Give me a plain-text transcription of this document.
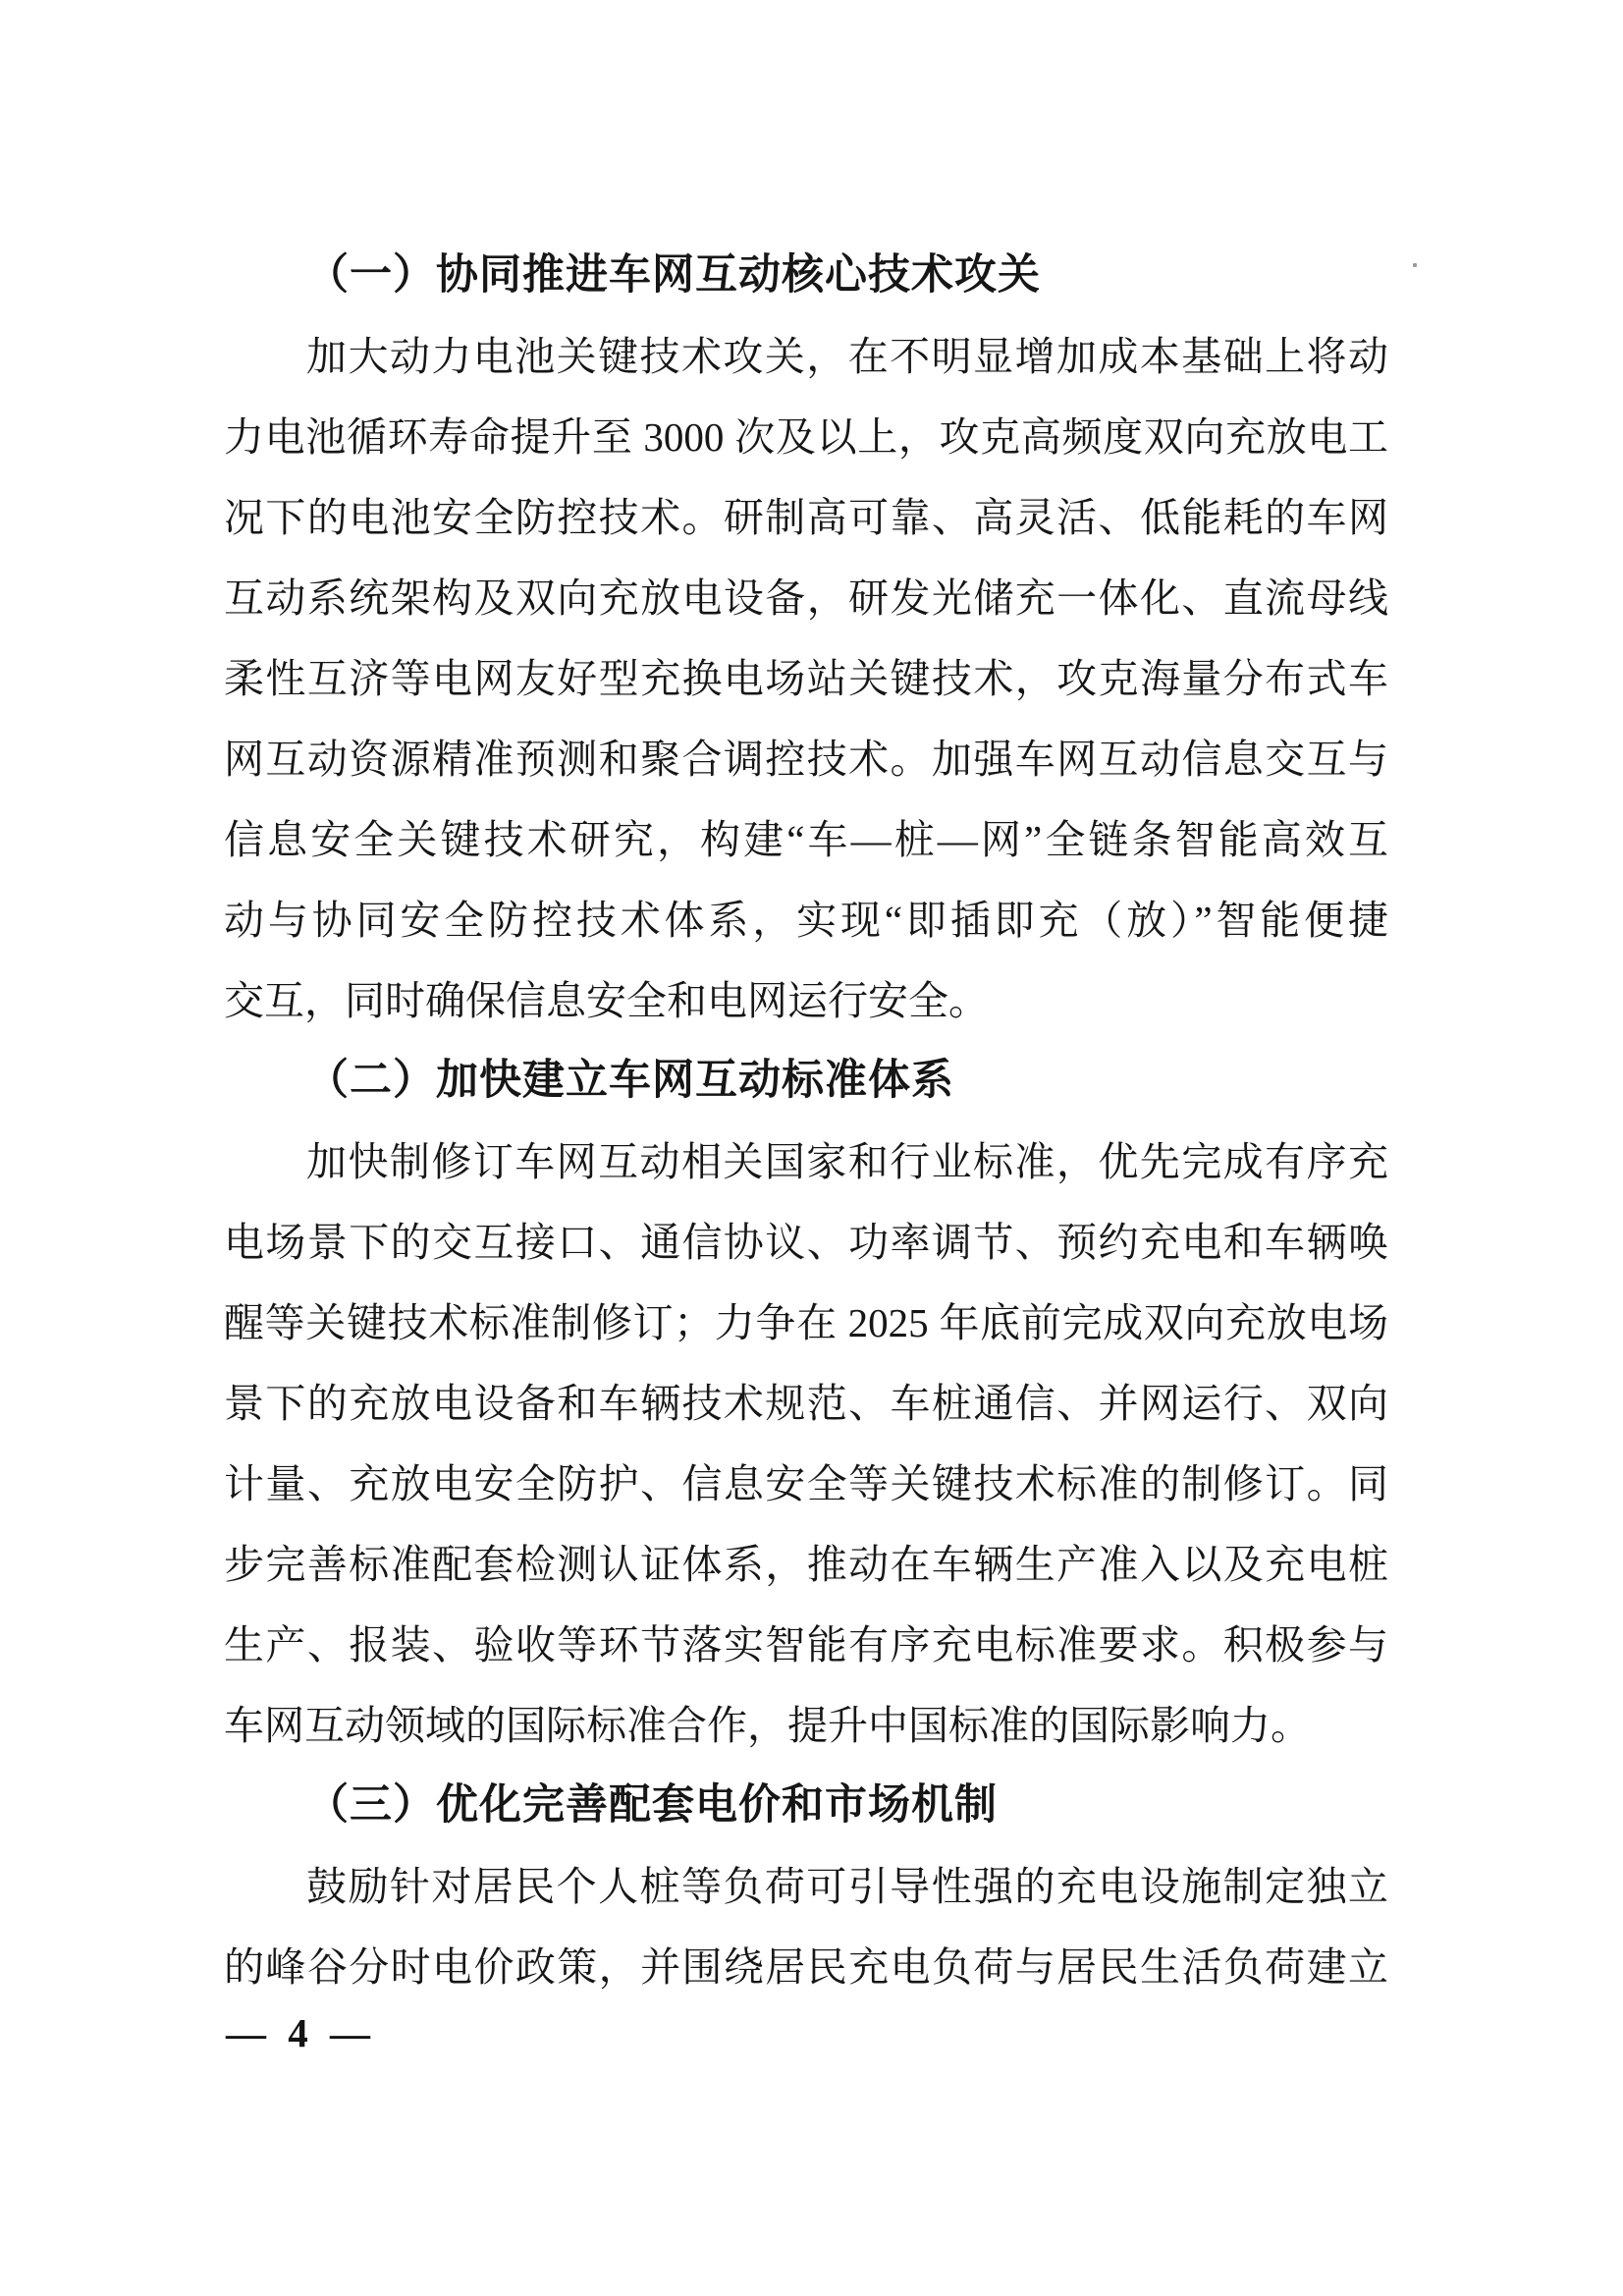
（一）协同推进车网互动核心技术攻关
加大动力电池关键技术攻关，在不明显增加成本基础上将动
力电池循环寿命提升至 3000 次及以上，攻克高频度双向充放电工
况下的电池安全防控技术。研制高可靠、高灵活、低能耗的车网
互动系统架构及双向充放电设备，研发光储充一体化、直流母线
柔性互济等电网友好型充换电场站关键技术，攻克海量分布式车
网互动资源精准预测和聚合调控技术。加强车网互动信息交互与
信息安全关键技术研究，构建“车—桩—网”全链条智能高效互
动与协同安全防控技术体系，实现“即插即充（放）”智能便捷
交互，同时确保信息安全和电网运行安全。
（二）加快建立车网互动标准体系
加快制修订车网互动相关国家和行业标准，优先完成有序充
电场景下的交互接口、通信协议、功率调节、预约充电和车辆唤
醒等关键技术标准制修订；力争在 2025 年底前完成双向充放电场
景下的充放电设备和车辆技术规范、车桩通信、并网运行、双向
计量、充放电安全防护、信息安全等关键技术标准的制修订。同
步完善标准配套检测认证体系，推动在车辆生产准入以及充电桩
生产、报装、验收等环节落实智能有序充电标准要求。积极参与
车网互动领域的国际标准合作，提升中国标准的国际影响力。
（三）优化完善配套电价和市场机制
鼓励针对居民个人桩等负荷可引导性强的充电设施制定独立
的峰谷分时电价政策，并围绕居民充电负荷与居民生活负荷建立
— 4 —
